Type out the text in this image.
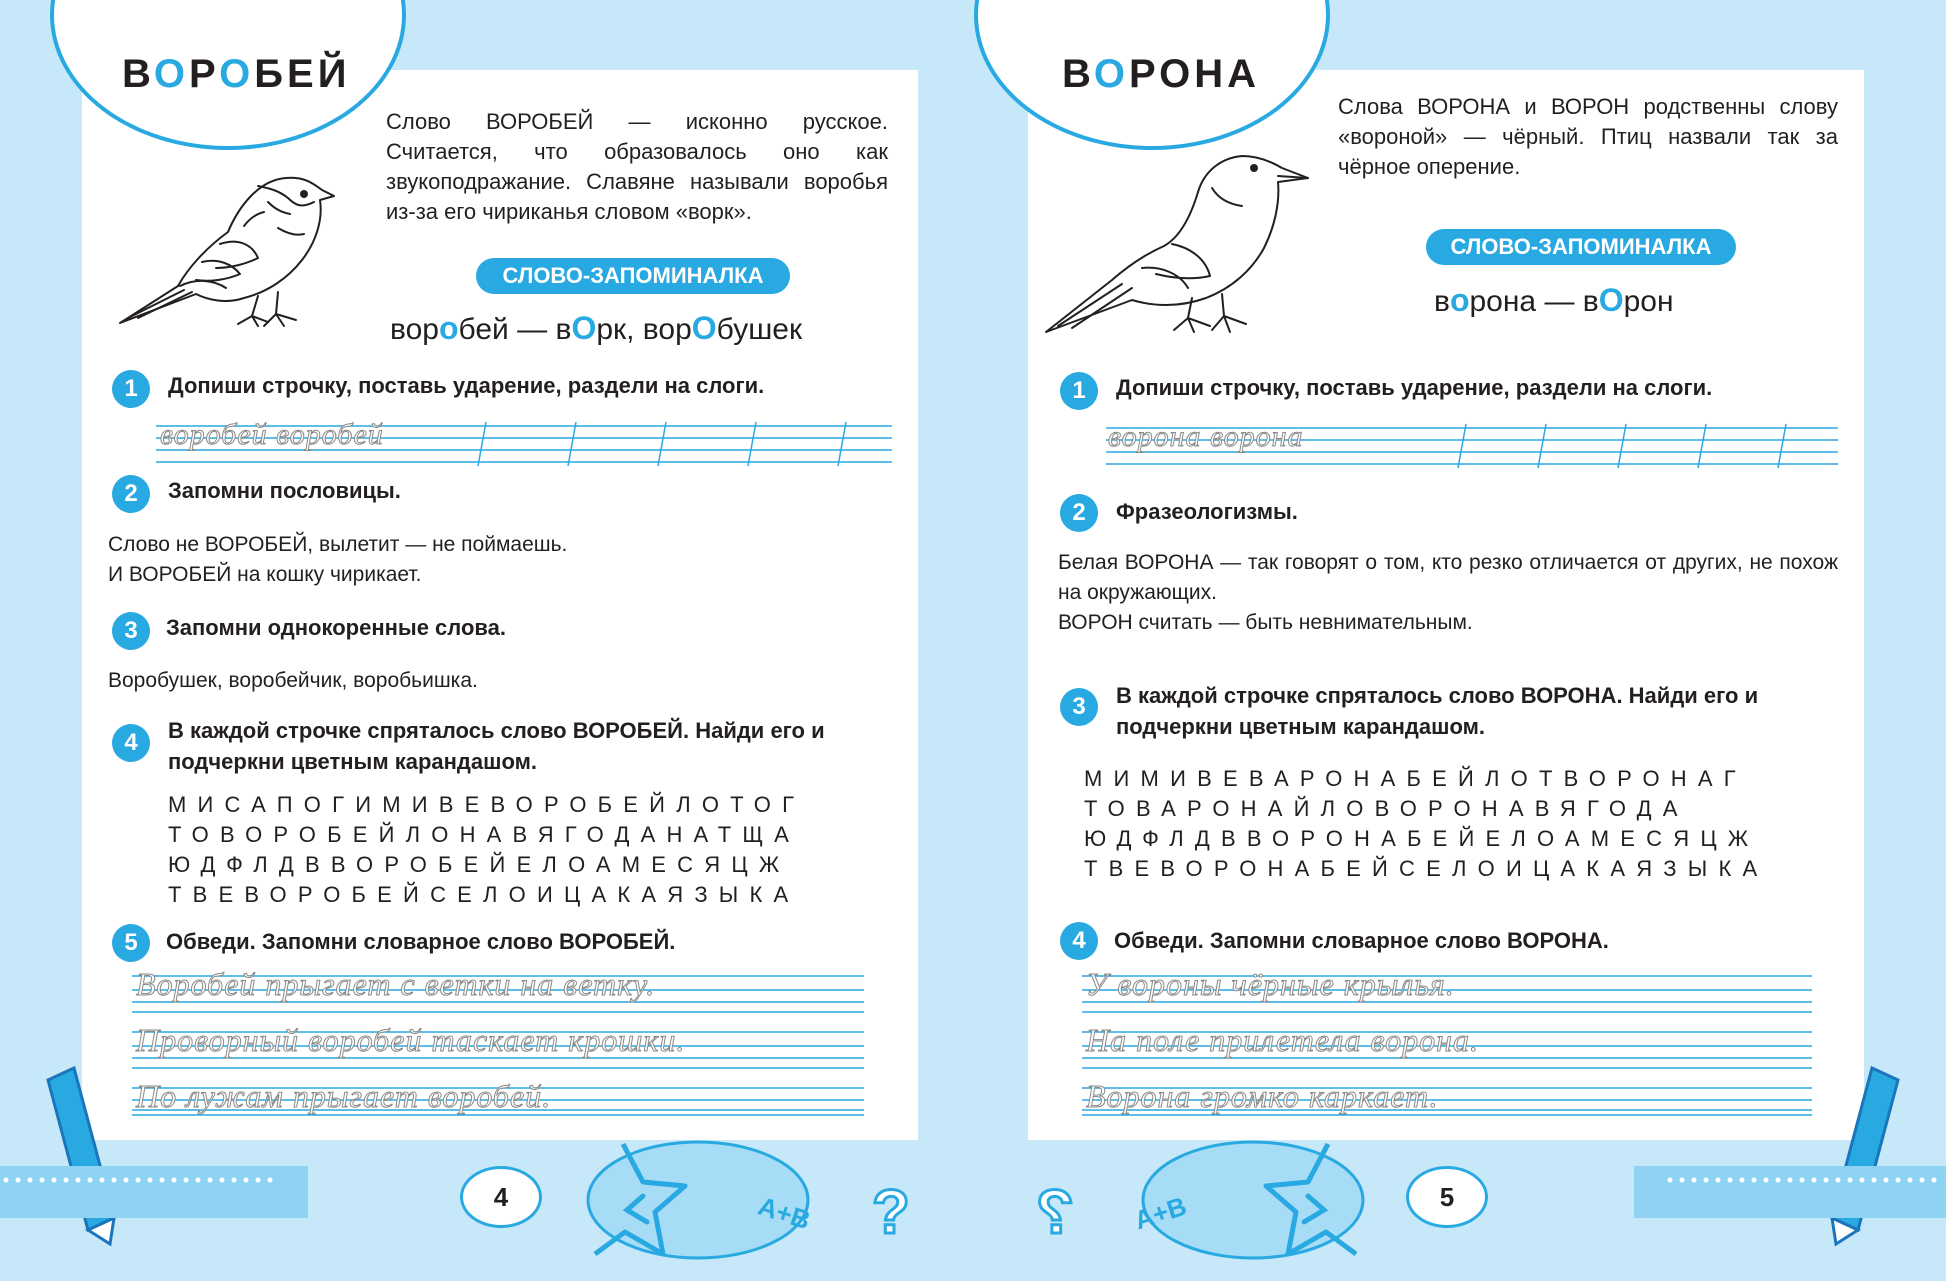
ВОРОБЕЙ
Слово ВОРОБЕЙ — исконно русское. Считается, что образовалось оно как звукоподражание. Славяне называли воробья из-за его чириканья словом «ворк».
СЛОВО-ЗАПОМИНАЛКА
воробей — вОрк, ворОбушек
1	Допиши строчку, поставь ударение, раздели на слоги.
воробей воробей
2	Запомни пословицы.
Слово не ВОРОБЕЙ, вылетит — не поймаешь.
И ВОРОБЕЙ на кошку чирикает.
3	Запомни однокоренные слова.
Воробушек, воробейчик, воробьишка.
4	В каждой строчке спряталось слово ВОРОБЕЙ. Найди его и подчеркни цветным карандашом.
МИСАПОГИМИВЕВОРОБЕЙЛОТОГ
ТОВОРОБЕЙЛОНАВЯГОДАНАТЩА
ЮДФЛДВВОРОБЕЙЕЛОАМЕСЯЦЖ
ТВЕВОРОБЕЙСЕЛОИЦАКАЯЗЫКА
5	Обведи. Запомни словарное слово ВОРОБЕЙ.
Воробей прыгает с ветки на ветку.
Проворный воробей таскает крошки.
По лужам прыгает воробей.
4	A+B ?
ВОРОНА
Слова ВОРОНА и ВОРОН родственны слову «вороной» — чёрный. Птиц назвали так за чёрное оперение.
СЛОВО-ЗАПОМИНАЛКА
ворона — вОрон
1	Допиши строчку, поставь ударение, раздели на слоги.
ворона ворона
2	Фразеологизмы.
Белая ВОРОНА — так говорят о том, кто резко отличается от других, не похож на окружающих.
ВОРОН считать — быть невнимательным.
3	В каждой строчке спряталось слово ВОРОНА. Найди его и подчеркни цветным карандашом.
МИМИВЕВАРОНАБЕЙЛОТВОРОНАГ
ТОВАРОНАЙЛОВОРОНАВЯГОДА
ЮДФЛДВВОРОНАБЕЙЕЛОАМЕСЯЦЖ
ТВЕВОРОНАБЕЙСЕЛОИЦАКАЯЗЫКА
4	Обведи. Запомни словарное слово ВОРОНА.
У вороны чёрные крылья.
На поле прилетела ворона.
Ворона громко каркает.
5
A+B
?
